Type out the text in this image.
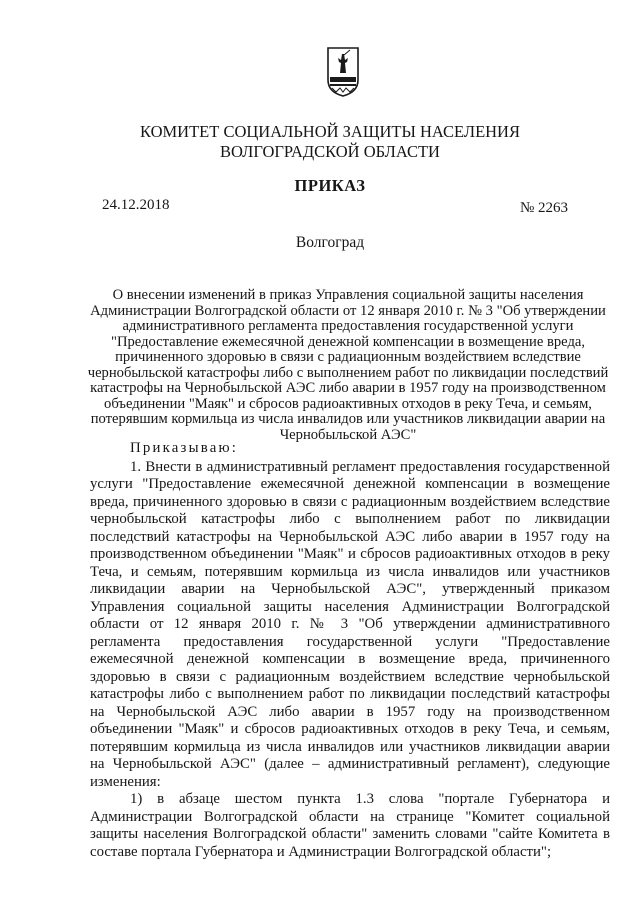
КОМИТЕТ СОЦИАЛЬНОЙ ЗАЩИТЫ НАСЕЛЕНИЯ
ВОЛГОГРАДСКОЙ ОБЛАСТИ
ПРИКАЗ
24.12.2018	№ 2263
Волгоград
О внесении изменений в приказ Управления социальной защиты населения Администрации Волгоградской области от 12 января 2010 г. № 3 "Об утверждении административного регламента предоставления государственной услуги "Предоставление ежемесячной денежной компенсации в возмещение вреда, причиненного здоровью в связи с радиационным воздействием вследствие чернобыльской катастрофы либо с выполнением работ по ликвидации последствий катастрофы на Чернобыльской АЭС либо аварии в 1957 году на производственном объединении "Маяк" и сбросов радиоактивных отходов в реку Теча, и семьям, потерявшим кормильца из числа инвалидов или участников ликвидации аварии на Чернобыльской АЭС"
Приказываю:

1. Внести в административный регламент предоставления государственной услуги "Предоставление ежемесячной денежной компенсации в возмещение вреда, причиненного здоровью в связи с радиационным воздействием вследствие чернобыльской катастрофы либо с выполнением работ по ликвидации последствий катастрофы на Чернобыльской АЭС либо аварии в 1957 году на производственном объединении "Маяк" и сбросов радиоактивных отходов в реку Теча, и семьям, потерявшим кормильца из числа инвалидов или участников ликвидации аварии на Чернобыльской АЭС", утвержденный приказом Управления социальной защиты населения Администрации Волгоградской области от 12 января 2010 г. № 3 "Об утверждении административного регламента предоставления государственной услуги "Предоставление ежемесячной денежной компенсации в возмещение вреда, причиненного здоровью в связи с радиационным воздействием вследствие чернобыльской катастрофы либо с выполнением работ по ликвидации последствий катастрофы на Чернобыльской АЭС либо аварии в 1957 году на производственном объединении "Маяк" и сбросов радиоактивных отходов в реку Теча, и семьям, потерявшим кормильца из числа инвалидов или участников ликвидации аварии на Чернобыльской АЭС" (далее – административный регламент), следующие изменения:

1) в абзаце шестом пункта 1.3 слова "портале Губернатора и Администрации Волгоградской области на странице "Комитет социальной защиты населения Волгоградской области" заменить словами "сайте Комитета в составе портала Губернатора и Администрации Волгоградской области";
